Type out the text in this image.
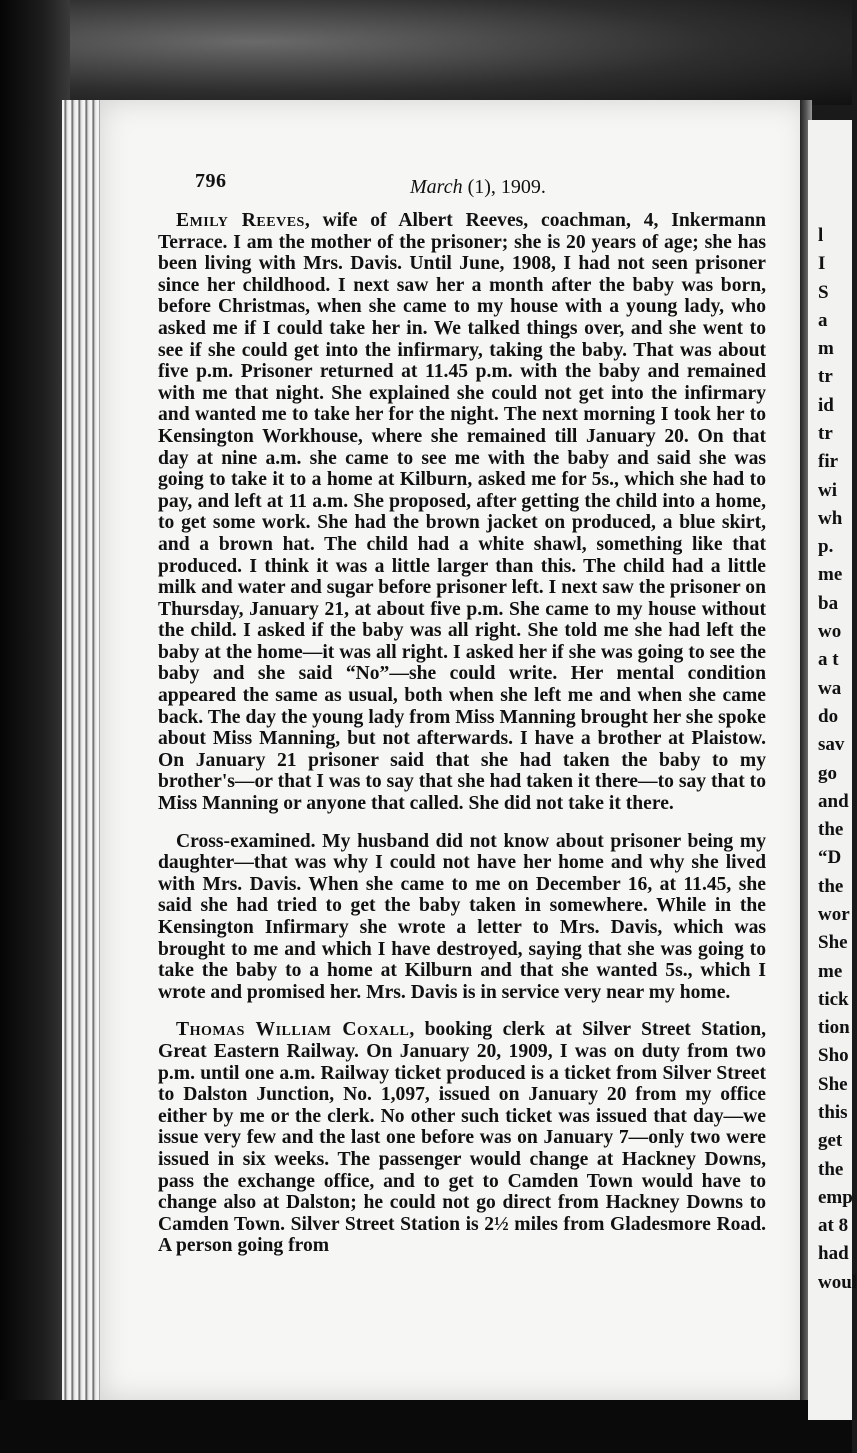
796	March (1), 1909.

Emily Reeves, wife of Albert Reeves, coachman, 4, Inkermann Terrace. I am the mother of the prisoner; she is 20 years of age; she has been living with Mrs. Davis. Until June, 1908, I had not seen prisoner since her childhood. I next saw her a month after the baby was born, before Christmas, when she came to my house with a young lady, who asked me if I could take her in. We talked things over, and she went to see if she could get into the infirmary, taking the baby. That was about five p.m. Prisoner returned at 11.45 p.m. with the baby and remained with me that night. She explained she could not get into the infirmary and wanted me to take her for the night. The next morning I took her to Kensington Workhouse, where she remained till January 20. On that day at nine a.m. she came to see me with the baby and said she was going to take it to a home at Kilburn, asked me for 5s., which she had to pay, and left at 11 a.m. She proposed, after getting the child into a home, to get some work. She had the brown jacket on produced, a blue skirt, and a brown hat. The child had a white shawl, something like that produced. I think it was a little larger than this. The child had a little milk and water and sugar before prisoner left. I next saw the prisoner on Thursday, January 21, at about five p.m. She came to my house without the child. I asked if the baby was all right. She told me she had left the baby at the home—it was all right. I asked her if she was going to see the baby and she said “No”—she could write. Her mental condition appeared the same as usual, both when she left me and when she came back. The day the young lady from Miss Manning brought her she spoke about Miss Manning, but not afterwards. I have a brother at Plaistow. On January 21 prisoner said that she had taken the baby to my brother's—or that I was to say that she had taken it there—to say that to Miss Manning or anyone that called. She did not take it there.

Cross-examined. My husband did not know about prisoner being my daughter—that was why I could not have her home and why she lived with Mrs. Davis. When she came to me on December 16, at 11.45, she said she had tried to get the baby taken in somewhere. While in the Kensington Infirmary she wrote a letter to Mrs. Davis, which was brought to me and which I have destroyed, saying that she was going to take the baby to a home at Kilburn and that she wanted 5s., which I wrote and promised her. Mrs. Davis is in service very near my home.

Thomas William Coxall, booking clerk at Silver Street Station, Great Eastern Railway. On January 20, 1909, I was on duty from two p.m. until one a.m. Railway ticket produced is a ticket from Silver Street to Dalston Junction, No. 1,097, issued on January 20 from my office either by me or the clerk. No other such ticket was issued that day—we issue very few and the last one before was on January 7—only two were issued in six weeks. The passenger would change at Hackney Downs, pass the exchange office, and to get to Camden Town would have to change also at Dalston; he could not go direct from Hackney Downs to Camden Town. Silver Street Station is 2½ miles from Gladesmore Road. A person going from

l
I
S
a
m
tr
id
tr
fir
wi
wh
p.
me
ba
wo
a t
wa
do
sav
go
and
the
“D
the
wor
She
me
tick
tion
Sho
She
this
get
the
emp
at 8
had
woul
